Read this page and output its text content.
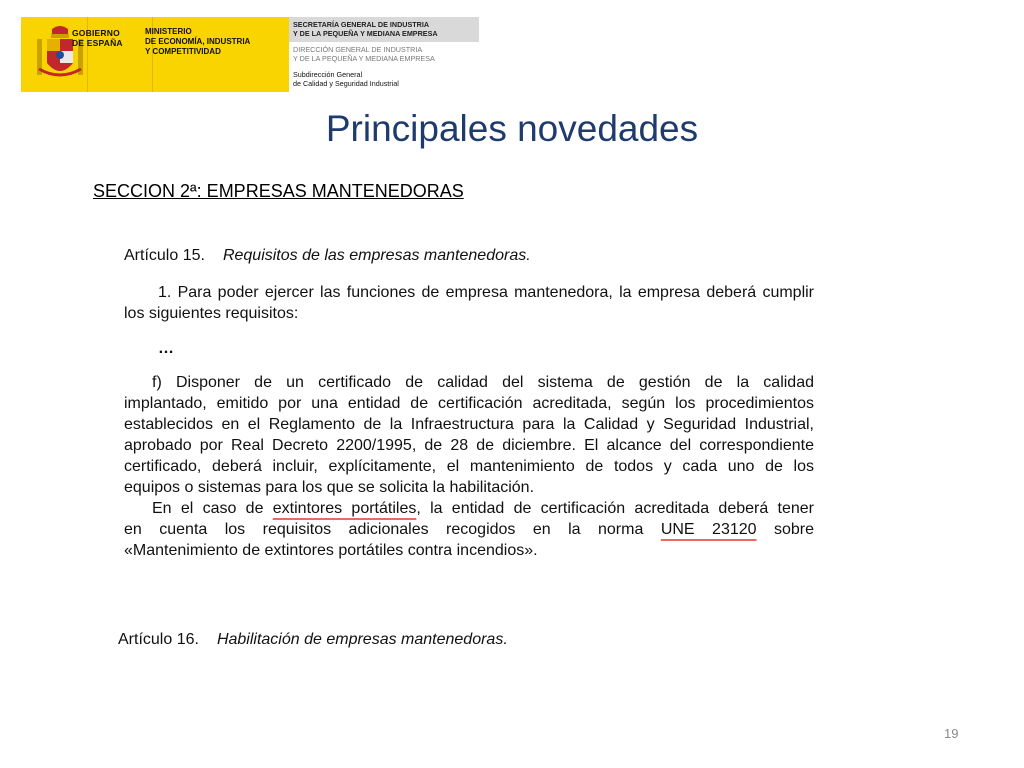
GOBIERNO
DE ESPAÑA
MINISTERIO
DE ECONOMÍA, INDUSTRIA
Y COMPETITIVIDAD
SECRETARÍA GENERAL DE INDUSTRIA
Y DE LA PEQUEÑA Y MEDIANA EMPRESA
DIRECCIÓN GENERAL DE INDUSTRIA
Y DE LA PEQUEÑA Y MEDIANA EMPRESA
Subdirección General
de Calidad y Seguridad Industrial
Principales novedades
SECCION 2ª: EMPRESAS MANTENEDORAS
Artículo 15. Requisitos de las empresas mantenedoras.
1. Para poder ejercer las funciones de empresa mantenedora, la empresa deberá cumplir los siguientes requisitos:
…
f) Disponer de un certificado de calidad del sistema de gestión de la calidad
implantado, emitido por una entidad de certificación acreditada, según los procedimientos
establecidos en el Reglamento de la Infraestructura para la Calidad y Seguridad Industrial,
aprobado por Real Decreto 2200/1995, de 28 de diciembre. El alcance del correspondiente
certificado, deberá incluir, explícitamente, el mantenimiento de todos y cada uno de los
equipos o sistemas para los que se solicita la habilitación.
En el caso de extintores portátiles, la entidad de certificación acreditada deberá tener
en cuenta los requisitos adicionales recogidos en la norma UNE 23120 sobre
«Mantenimiento de extintores portátiles contra incendios».
Artículo 16. Habilitación de empresas mantenedoras.
19
